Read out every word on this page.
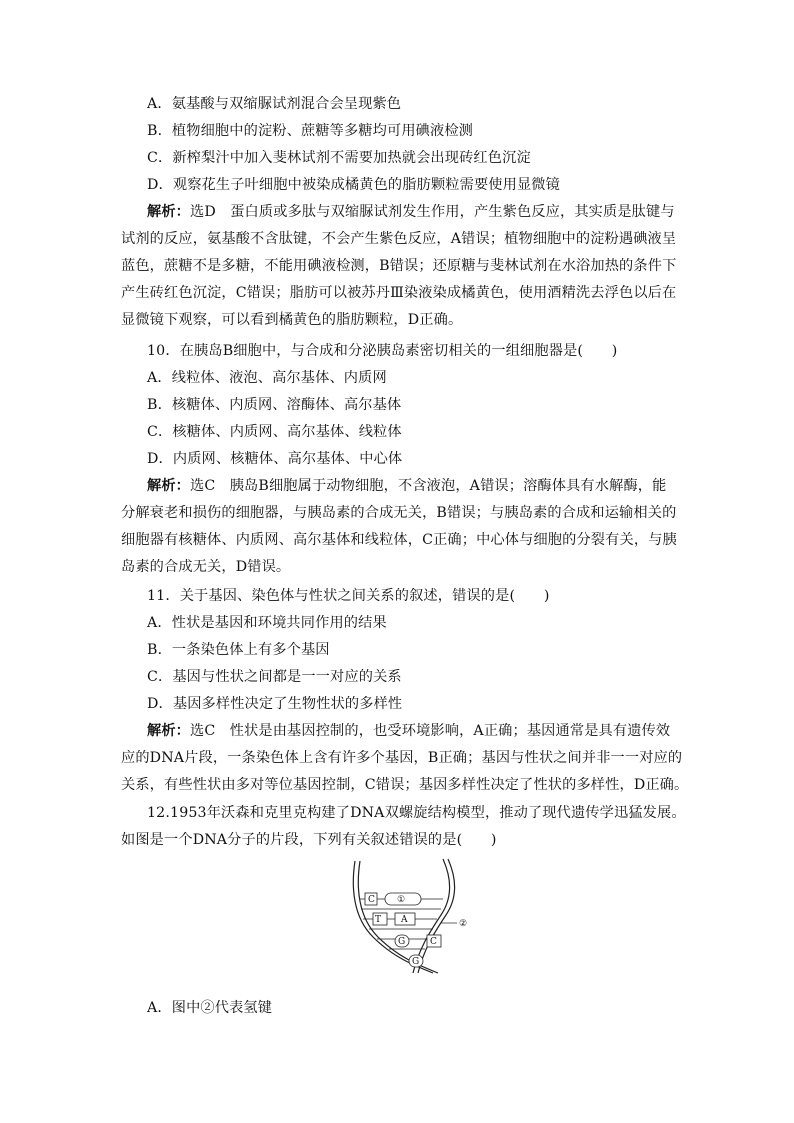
A．氨基酸与双缩脲试剂混合会呈现紫色
B．植物细胞中的淀粉、蔗糖等多糖均可用碘液检测
C．新榨梨汁中加入斐林试剂不需要加热就会出现砖红色沉淀
D．观察花生子叶细胞中被染成橘黄色的脂肪颗粒需要使用显微镜
解析：选D　蛋白质或多肽与双缩脲试剂发生作用，产生紫色反应，其实质是肽键与
试剂的反应，氨基酸不含肽键，不会产生紫色反应，A错误；植物细胞中的淀粉遇碘液呈
蓝色，蔗糖不是多糖，不能用碘液检测，B错误；还原糖与斐林试剂在水浴加热的条件下
产生砖红色沉淀，C错误；脂肪可以被苏丹Ⅲ染液染成橘黄色，使用酒精洗去浮色以后在
显微镜下观察，可以看到橘黄色的脂肪颗粒，D正确。
10．在胰岛B细胞中，与合成和分泌胰岛素密切相关的一组细胞器是(　　)
A．线粒体、液泡、高尔基体、内质网
B．核糖体、内质网、溶酶体、高尔基体
C．核糖体、内质网、高尔基体、线粒体
D．内质网、核糖体、高尔基体、中心体
解析：选C　胰岛B细胞属于动物细胞，不含液泡，A错误；溶酶体具有水解酶，能
分解衰老和损伤的细胞器，与胰岛素的合成无关，B错误；与胰岛素的合成和运输相关的
细胞器有核糖体、内质网、高尔基体和线粒体，C正确；中心体与细胞的分裂有关，与胰
岛素的合成无关，D错误。
11．关于基因、染色体与性状之间关系的叙述，错误的是(　　)
A．性状是基因和环境共同作用的结果
B．一条染色体上有多个基因
C．基因与性状之间都是一一对应的关系
D．基因多样性决定了生物性状的多样性
解析：选C　性状是由基因控制的，也受环境影响，A正确；基因通常是具有遗传效
应的DNA片段，一条染色体上含有许多个基因，B正确；基因与性状之间并非一一对应的
关系，有些性状由多对等位基因控制，C错误；基因多样性决定了性状的多样性，D正确。
12.1953年沃森和克里克构建了DNA双螺旋结构模型，推动了现代遗传学迅猛发展。
如图是一个DNA分子的片段，下列有关叙述错误的是(　　)
C ①
T A
G	C
②
G
A．图中②代表氢键
